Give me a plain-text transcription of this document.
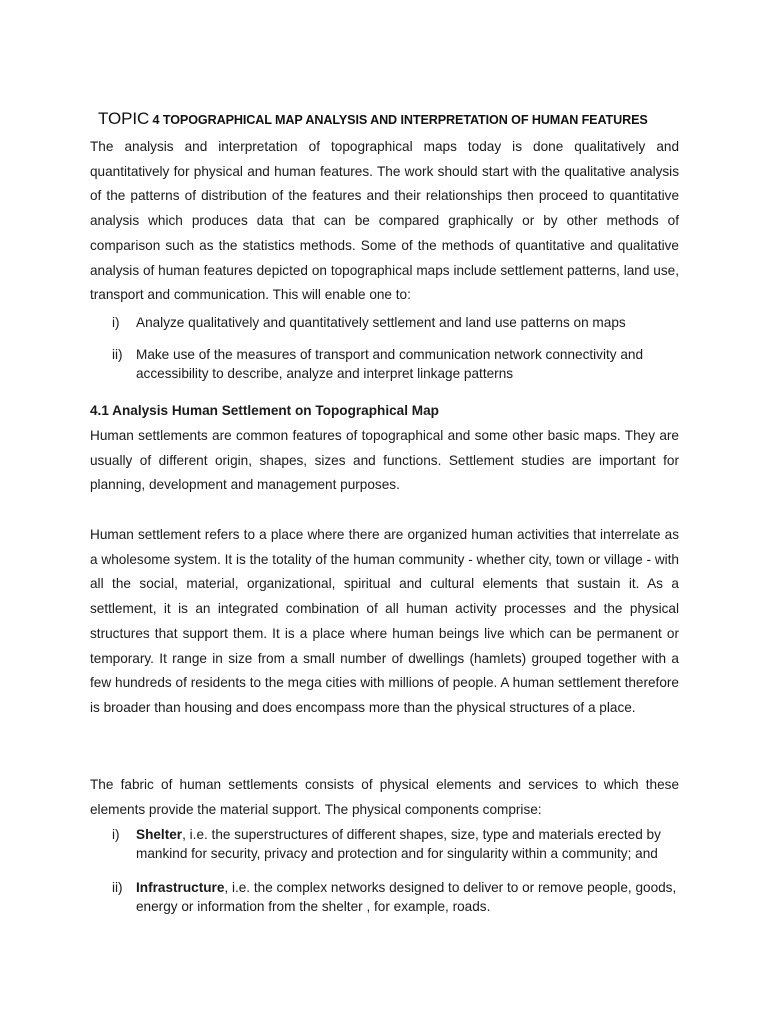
TOPIC 4 TOPOGRAPHICAL MAP ANALYSIS AND INTERPRETATION OF HUMAN FEATURES

The analysis and interpretation of topographical maps today is done qualitatively and quantitatively for physical and human features. The work should start with the qualitative analysis of the patterns of distribution of the features and their relationships then proceed to quantitative analysis which produces data that can be compared graphically or by other methods of comparison such as the statistics methods. Some of the methods of quantitative and qualitative analysis of human features depicted on topographical maps include settlement patterns, land use, transport and communication. This will enable one to:

i) Analyze qualitatively and quantitatively settlement and land use patterns on maps
ii) Make use of the measures of transport and communication network connectivity and accessibility to describe, analyze and interpret linkage patterns
4.1 Analysis Human Settlement on Topographical Map

Human settlements are common features of topographical and some other basic maps. They are usually of different origin, shapes, sizes and functions. Settlement studies are important for planning, development and management purposes.

Human settlement refers to a place where there are organized human activities that interrelate as a wholesome system. It is the totality of the human community - whether city, town or village - with all the social, material, organizational, spiritual and cultural elements that sustain it. As a settlement, it is an integrated combination of all human activity processes and the physical structures that support them. It is a place where human beings live which can be permanent or temporary. It range in size from a small number of dwellings (hamlets) grouped together with a few hundreds of residents to the mega cities with millions of people. A human settlement therefore is broader than housing and does encompass more than the physical structures of a place.

The fabric of human settlements consists of physical elements and services to which these elements provide the material support. The physical components comprise:

i) Shelter, i.e. the superstructures of different shapes, size, type and materials erected by mankind for security, privacy and protection and for singularity within a community; and
ii) Infrastructure, i.e. the complex networks designed to deliver to or remove people, goods, energy or information from the shelter , for example, roads.
